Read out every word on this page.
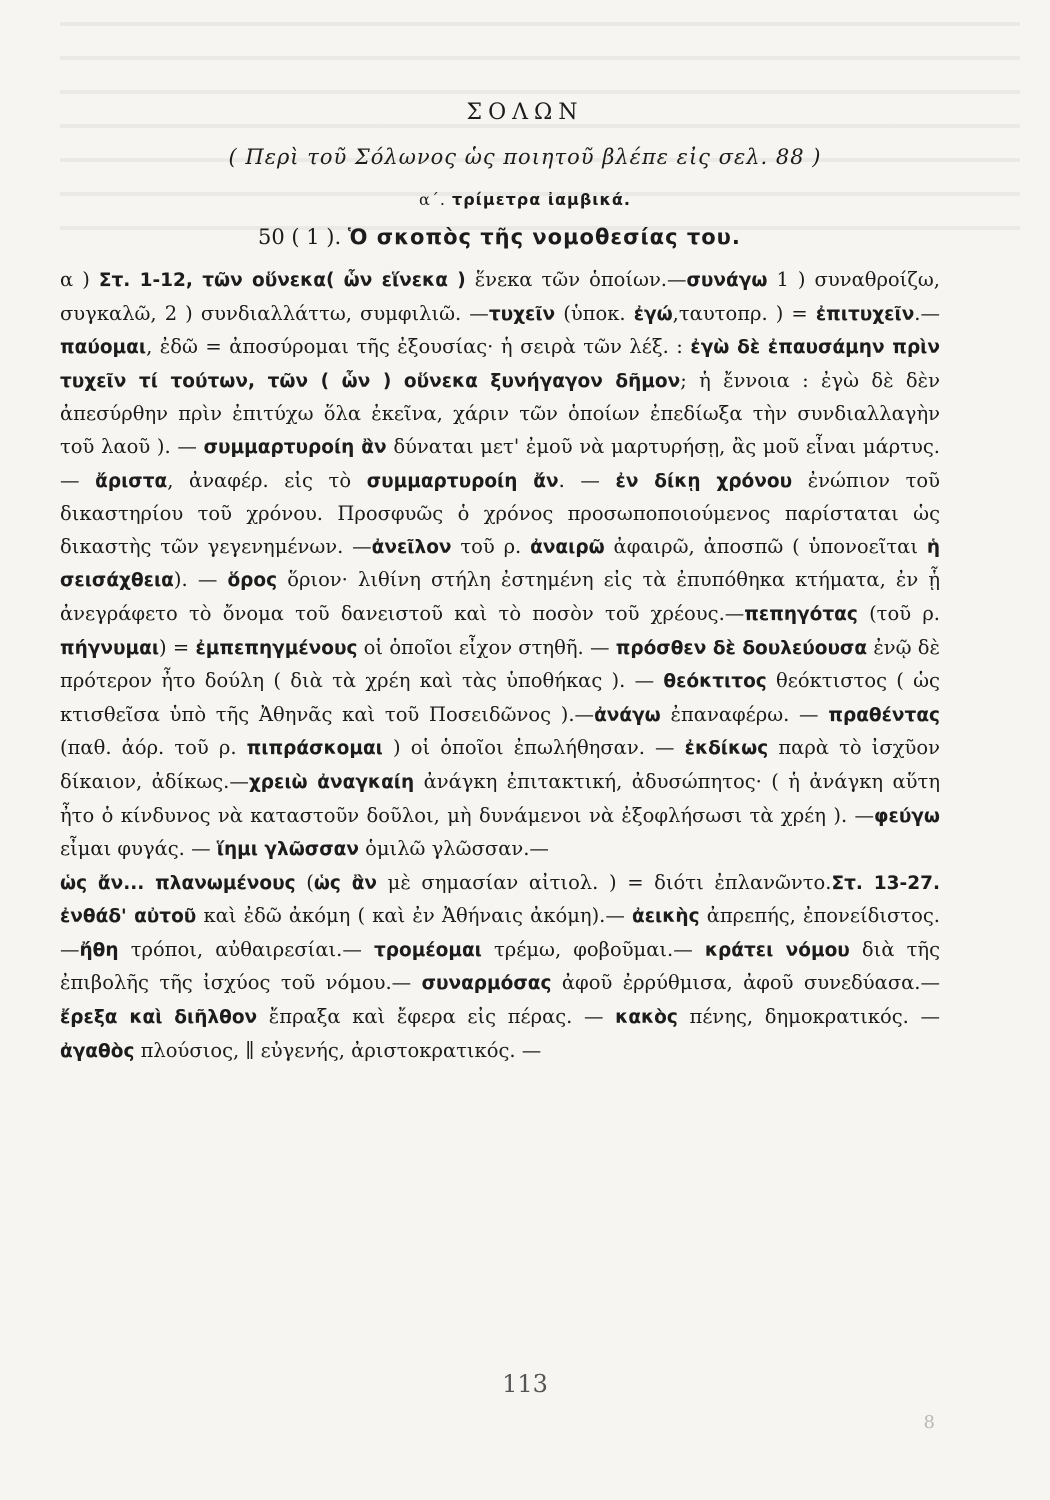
ΣΟΛΩΝ
( Περὶ τοῦ Σόλωνος ὡς ποιητοῦ βλέπε εἰς σελ. 88 )
α΄. τρίμετρα ἰαμβικά.
50 ( 1 ). Ὁ σκοπὸς τῆς νομοθεσίας του.

α ) Στ. 1-12, τῶν οὕνεκα( ὧν εἵνεκα ) ἕνεκα τῶν ὁποίων.—συνάγω 1 ) συναθροίζω, συγκαλῶ, 2 ) συνδιαλλάττω, συμφιλιῶ. —τυχεῖν (ὑποκ. ἐγώ,ταυτοπρ. ) = ἐπιτυχεῖν.— παύομαι, ἐδῶ = ἀποσύρομαι τῆς ἐξουσίας· ἡ σειρὰ τῶν λέξ. : ἐγὼ δὲ ἐπαυσάμην πρὶν τυχεῖν τί τούτων, τῶν ( ὧν ) οὕνεκα ξυνήγαγον δῆμον; ἡ ἔννοια : ἐγὼ δὲ δὲν ἀπεσύρθην πρὶν ἐπιτύχω ὅλα ἐκεῖνα, χάριν τῶν ὁποίων ἐπεδίωξα τὴν συνδιαλλαγὴν τοῦ λαοῦ ). — συμμαρτυροίη ἂν δύναται μετ' ἐμοῦ νὰ μαρτυρήσῃ, ἂς μοῦ εἶναι μάρτυς. — ἄριστα, ἀναφέρ. εἰς τὸ συμμαρτυροίη ἄν. — ἐν δίκῃ χρόνου ἐνώπιον τοῦ δικαστηρίου τοῦ χρόνου. Προσφυῶς ὁ χρόνος προσωποποιούμενος παρίσταται ὡς δικαστὴς τῶν γεγενημένων. —ἀνεῖλον τοῦ ρ. ἀναιρῶ ἀφαιρῶ, ἀποσπῶ ( ὑπονοεῖται ἡ σεισάχθεια). — ὅρος ὅριον· λιθίνη στήλη ἐστημένη εἰς τὰ ἐπυπόθηκα κτήματα, ἐν ᾗ ἀνεγράφετο τὸ ὄνομα τοῦ δανειστοῦ καὶ τὸ ποσὸν τοῦ χρέους.—πεπηγότας (τοῦ ρ. πήγνυμαι) = ἐμπεπηγμένους οἱ ὁποῖοι εἶχον στηθῆ. — πρόσθεν δὲ δουλεύουσα ἐνῷ δὲ πρότερον ἦτο δούλη ( διὰ τὰ χρέη καὶ τὰς ὑποθήκας ). — θεόκτιτος θεόκτιστος ( ὡς κτισθεῖσα ὑπὸ τῆς Ἀθηνᾶς καὶ τοῦ Ποσειδῶνος ).—ἀνάγω ἐπαναφέρω. — πραθέντας (παθ. ἀόρ. τοῦ ρ. πιπράσκομαι ) οἱ ὁποῖοι ἐπωλήθησαν. — ἐκδίκως παρὰ τὸ ἰσχῦον δίκαιον, ἀδίκως.—χρειὼ ἀναγκαίη ἀνάγκη ἐπιτακτική, ἀδυσώπητος· ( ἡ ἀνάγκη αὕτη ἦτο ὁ κίνδυνος νὰ καταστοῦν δοῦλοι, μὴ δυνάμενοι νὰ ἐξοφλήσωσι τὰ χρέη ). —φεύγω εἶμαι φυγάς. — ἵημι γλῶσσαν ὁμιλῶ γλῶσσαν.—

ὡς ἄν... πλανωμένους (ὡς ἂν μὲ σημασίαν αἰτιολ. ) = διότι ἐπλανῶντο.Στ. 13-27. ἐνθάδ' αὐτοῦ καὶ ἐδῶ ἀκόμη ( καὶ ἐν Ἀθήναις ἀκόμη).— ἀεικὴς ἀπρεπής, ἐπονείδιστος.—ἤθη τρόποι, αὐθαιρεσίαι.— τρομέομαι τρέμω, φοβοῦμαι.— κράτει νόμου διὰ τῆς ἐπιβολῆς τῆς ἰσχύος τοῦ νόμου.— συναρμόσας ἀφοῦ ἐρρύθμισα, ἀφοῦ συνεδύασα.—ἔρεξα καὶ διῆλθον ἔπραξα καὶ ἔφερα εἰς πέρας. — κακὸς πένης, δημοκρατικός. —ἀγαθὸς πλούσιος, ∥ εὐγενής, ἀριστοκρατικός. —

113
8
